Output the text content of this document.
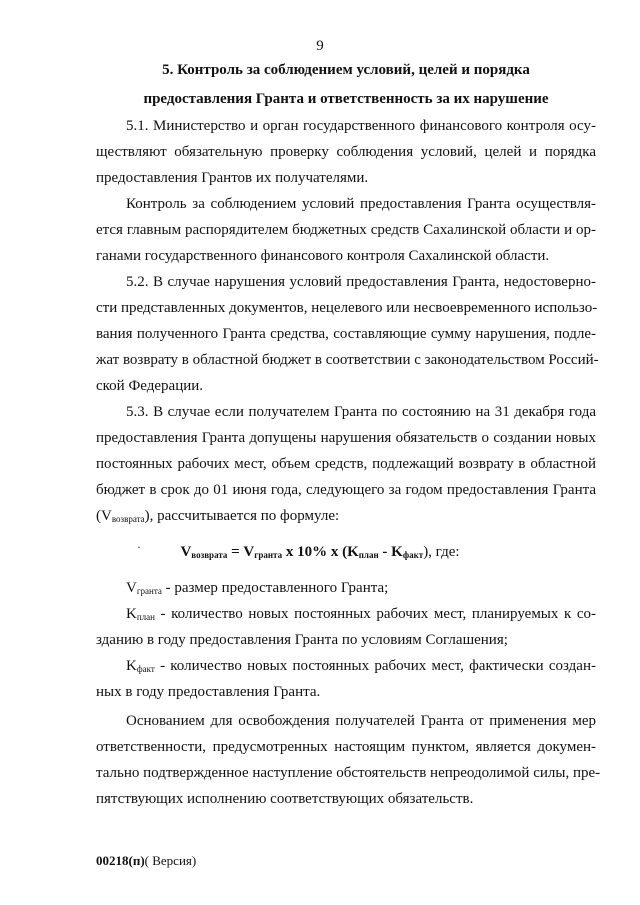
9
5. Контроль за соблюдением условий, целей и порядка
предоставления Гранта и ответственность за их нарушение
5.1. Министерство и орган государственного финансового контроля осу-
ществляют обязательную проверку соблюдения условий, целей и порядка
предоставления Грантов их получателями.
Контроль за соблюдением условий предоставления Гранта осуществля-
ется главным распорядителем бюджетных средств Сахалинской области и ор-
ганами государственного финансового контроля Сахалинской области.
5.2. В случае нарушения условий предоставления Гранта, недостоверно-
сти представленных документов, нецелевого или несвоевременного использо-
вания полученного Гранта средства, составляющие сумму нарушения, подле-
жат возврату в областной бюджет в соответствии с законодательством Россий-
ской Федерации.
5.3. В случае если получателем Гранта по состоянию на 31 декабря года
предоставления Гранта допущены нарушения обязательств о создании новых
постоянных рабочих мест, объем средств, подлежащий возврату в областной
бюджет в срок до 01 июня года, следующего за годом предоставления Гранта
$(V_{возврата})$, рассчитывается по формуле:
·	$V_{возврата} = V_{гранта}$ x 10% x $(K_{план} - K_{факт})$, где:
$V_{гранта}$ - размер предоставленного Гранта;
$K_{план}$ - количество новых постоянных рабочих мест, планируемых к со-
зданию в году предоставления Гранта по условиям Соглашения;
$K_{факт}$ - количество новых постоянных рабочих мест, фактически создан-
ных в году предоставления Гранта.
Основанием для освобождения получателей Гранта от применения мер
ответственности, предусмотренных настоящим пунктом, является докумен-
тально подтвержденное наступление обстоятельств непреодолимой силы, пре-
пятствующих исполнению соответствующих обязательств.
00218(п)( Версия)
